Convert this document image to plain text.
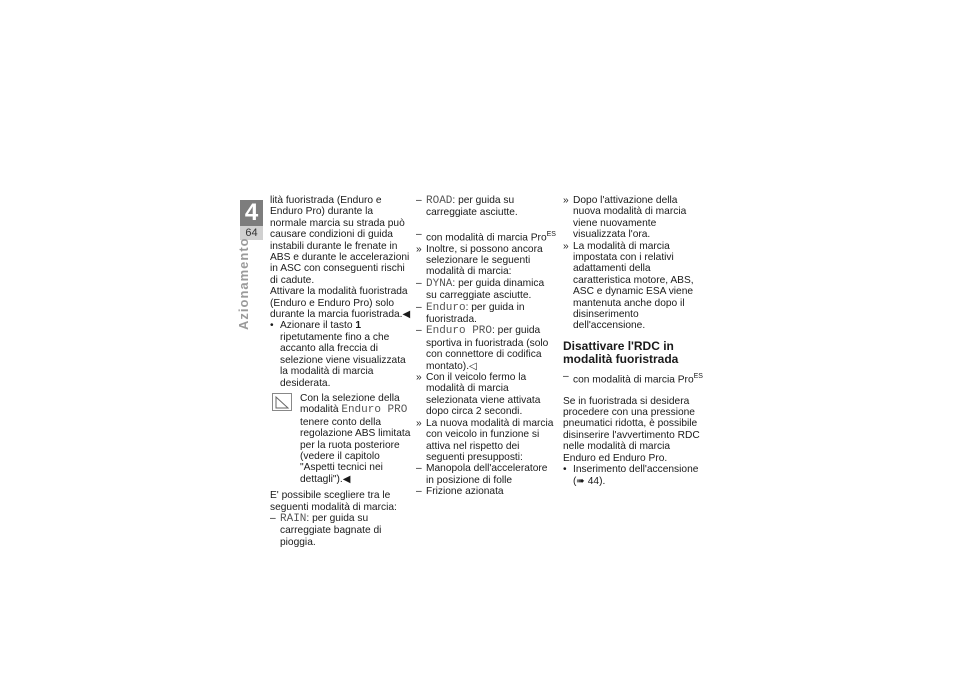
4
64
Azionamento

lità fuoristrada (Enduro e Enduro Pro) durante la normale marcia su strada può causare condizioni di guida instabili durante le frenate in ABS e durante le accelerazioni in ASC con conseguenti rischi di cadute.

Attivare la modalità fuoristrada (Enduro e Enduro Pro) solo durante la marcia fuoristrada.◀

• Azionare il tasto 1 ripetutamente fino a che accanto alla freccia di selezione viene visualizzata la modalità di marcia desiderata.
Con la selezione della modalità Enduro PRO tenere conto della regolazione ABS limitata per la ruota posteriore (vedere il capitolo "Aspetti tecnici nei dettagli").◀

E' possibile scegliere tra le seguenti modalità di marcia:

– RAIN: per guida su carreggiate bagnate di pioggia.
– ROAD: per guida su carreggiate asciutte.
– con modalità di marcia Pro$^{ES}$
» Inoltre, si possono ancora selezionare le seguenti modalità di marcia:
– DYNA: per guida dinamica su carreggiate asciutte.
– Enduro: per guida in fuoristrada.
– Enduro PRO: per guida sportiva in fuoristrada (solo con connettore di codifica montato).◁
» Con il veicolo fermo la modalità di marcia selezionata viene attivata dopo circa 2 secondi.
» La nuova modalità di marcia con veicolo in funzione si attiva nel rispetto dei seguenti presupposti:
– Manopola dell'acceleratore in posizione di folle
– Frizione azionata
» Dopo l'attivazione della nuova modalità di marcia viene nuovamente visualizzata l'ora.
» La modalità di marcia impostata con i relativi adattamenti della caratteristica motore, ABS, ASC e dynamic ESA viene mantenuta anche dopo il disinserimento dell'accensione.
Disattivare l'RDC in modalità fuoristrada
– con modalità di marcia Pro$^{ES}$

Se in fuoristrada si desidera procedere con una pressione pneumatici ridotta, è possibile disinserire l'avvertimento RDC nelle modalità di marcia Enduro ed Enduro Pro.

• Inserimento dell'accensione
(➠ 44).
